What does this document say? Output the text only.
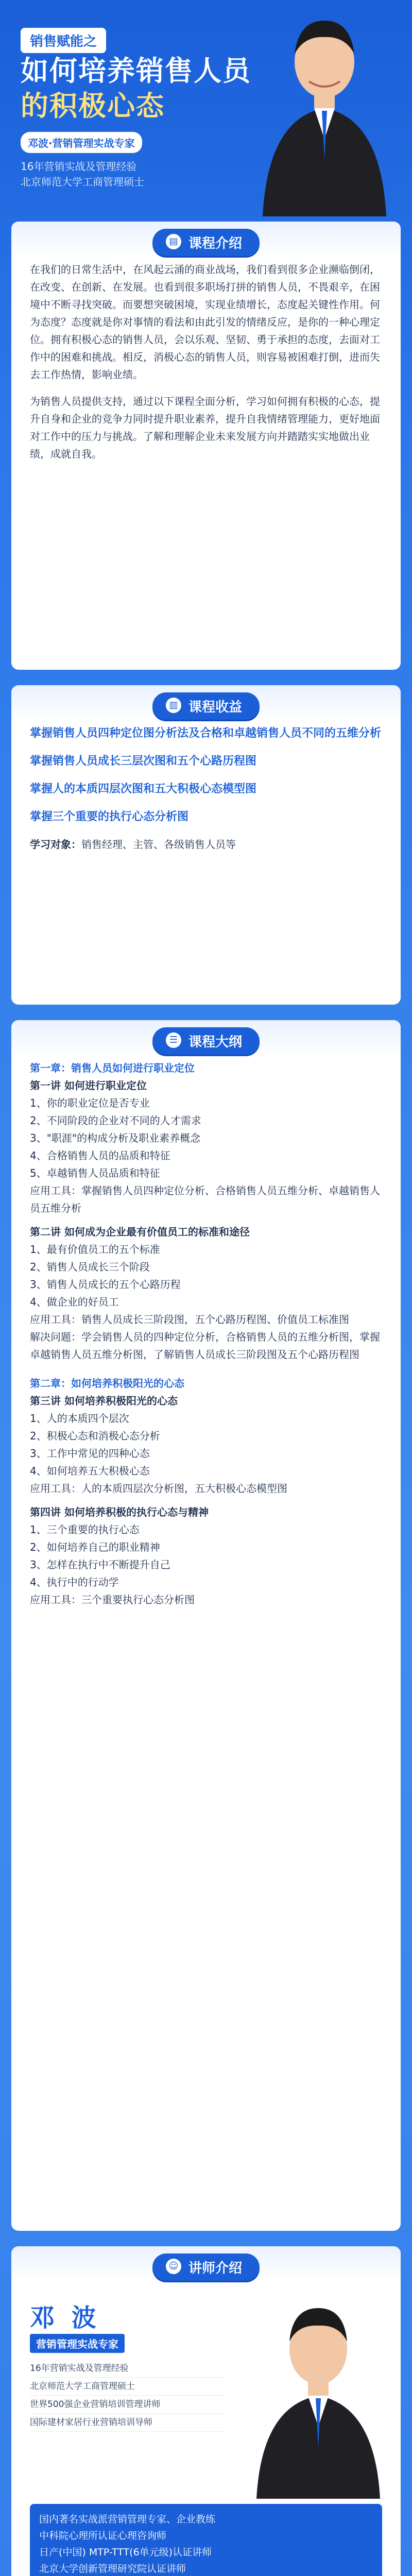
销售赋能之
如何培养销售人员
的积极心态
邓波·营销管理实战专家
16年营销实战及管理经验
北京师范大学工商管理硕士
▤ 课程介绍

在我们的日常生活中，在风起云涌的商业战场，我们看到很多企业濒临倒闭，在改变、在创新、在发展。也看到很多职场打拼的销售人员，不畏艰辛，在困境中不断寻找突破。而要想突破困境，实现业绩增长，态度起关键性作用。何为态度？态度就是你对事情的看法和由此引发的情绪反应，是你的一种心理定位。拥有积极心态的销售人员，会以乐观、坚韧、勇于承担的态度，去面对工作中的困难和挑战。相反，消极心态的销售人员，则容易被困难打倒，进而失去工作热情，影响业绩。

为销售人员提供支持，通过以下课程全面分析，学习如何拥有积极的心态，提升自身和企业的竞争力同时提升职业素养，提升自我情绪管理能力，更好地面对工作中的压力与挑战。了解和理解企业未来发展方向并踏踏实实地做出业绩，成就自我。

▥ 课程收益
掌握销售人员四种定位图分析法及合格和卓越销售人员不同的五维分析
掌握销售人员成长三层次图和五个心路历程图
掌握人的本质四层次图和五大积极心态模型图
掌握三个重要的执行心态分析图
学习对象：销售经理、主管、各级销售人员等
☰ 课程大纲
第一章：销售人员如何进行职业定位
第一讲 如何进行职业定位
1、你的职业定位是否专业
2、不同阶段的企业对不同的人才需求
3、"职涯"的构成分析及职业素养概念
4、合格销售人员的品质和特征
5、卓越销售人员品质和特征
应用工具：掌握销售人员四种定位分析、合格销售人员五维分析、卓越销售人员五维分析
第二讲 如何成为企业最有价值员工的标准和途径
1、最有价值员工的五个标准
2、销售人员成长三个阶段
3、销售人员成长的五个心路历程
4、做企业的好员工
应用工具：销售人员成长三阶段图，五个心路历程图、价值员工标准图
解决问题：学会销售人员的四种定位分析，合格销售人员的五维分析图，掌握卓越销售人员五维分析图，了解销售人员成长三阶段图及五个心路历程图
第二章：如何培养积极阳光的心态
第三讲 如何培养积极阳光的心态
1、人的本质四个层次
2、积极心态和消极心态分析
3、工作中常见的四种心态
4、如何培养五大积极心态
应用工具：人的本质四层次分析图，五大积极心态模型图
第四讲 如何培养积极的执行心态与精神
1、三个重要的执行心态
2、如何培养自己的职业精神
3、怎样在执行中不断提升自己
4、执行中的行动学
应用工具：三个重要执行心态分析图
☺ 讲师介绍
邓 波
营销管理实战专家
16年营销实战及管理经验
北京师范大学工商管理硕士
世界500强企业营销培训管理讲师
国际建材家居行业营销培训导师
国内著名实战派营销管理专家、企业教练
中科院心理所认证心理咨询师
日产(中国) MTP-TTT(6单元级)认证讲师
北京大学创新管理研究院认证讲师
